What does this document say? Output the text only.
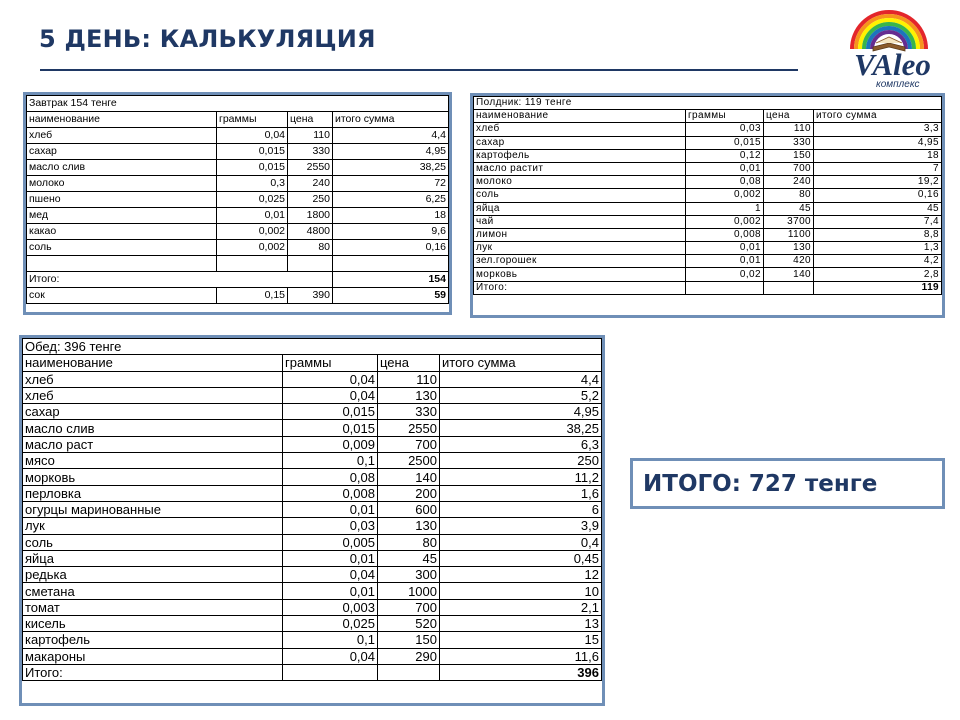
5 ДЕНЬ: КАЛЬКУЛЯЦИЯ
VAleo
комплекс
Завтрак 154 тенге			
наименование	граммы	цена	итого сумма
хлеб	0,04	110	4,4
сахар	0,015	330	4,95
масло слив	0,015	2550	38,25
молоко	0,3	240	72
пшено	0,025	250	6,25
мед	0,01	1800	18
какао	0,002	4800	9,6
соль	0,002	80	0,16

Итого:			154
сок	0,15	390	59
Полдник: 119 тенге			
наименование	граммы	цена	итого сумма
хлеб	0,03	110	3,3
сахар	0,015	330	4,95
картофель	0,12	150	18
масло растит	0,01	700	7
молоко	0,08	240	19,2
соль	0,002	80	0,16
яйца	1	45	45
чай	0,002	3700	7,4
лимон	0,008	1100	8,8
лук	0,01	130	1,3
зел.горошек	0,01	420	4,2
морковь	0,02	140	2,8
Итого:			119
Обед: 396 тенге			
наименование	граммы	цена	итого сумма
хлеб	0,04	110	4,4
хлеб	0,04	130	5,2
сахар	0,015	330	4,95
масло слив	0,015	2550	38,25
масло раст	0,009	700	6,3
мясо	0,1	2500	250
морковь	0,08	140	11,2
перловка	0,008	200	1,6
огурцы маринованные	0,01	600	6
лук	0,03	130	3,9
соль	0,005	80	0,4
яйца	0,01	45	0,45
редька	0,04	300	12
сметана	0,01	1000	10
томат	0,003	700	2,1
кисель	0,025	520	13
картофель	0,1	150	15
макароны	0,04	290	11,6
Итого:			396
ИТОГО: 727 тенге
